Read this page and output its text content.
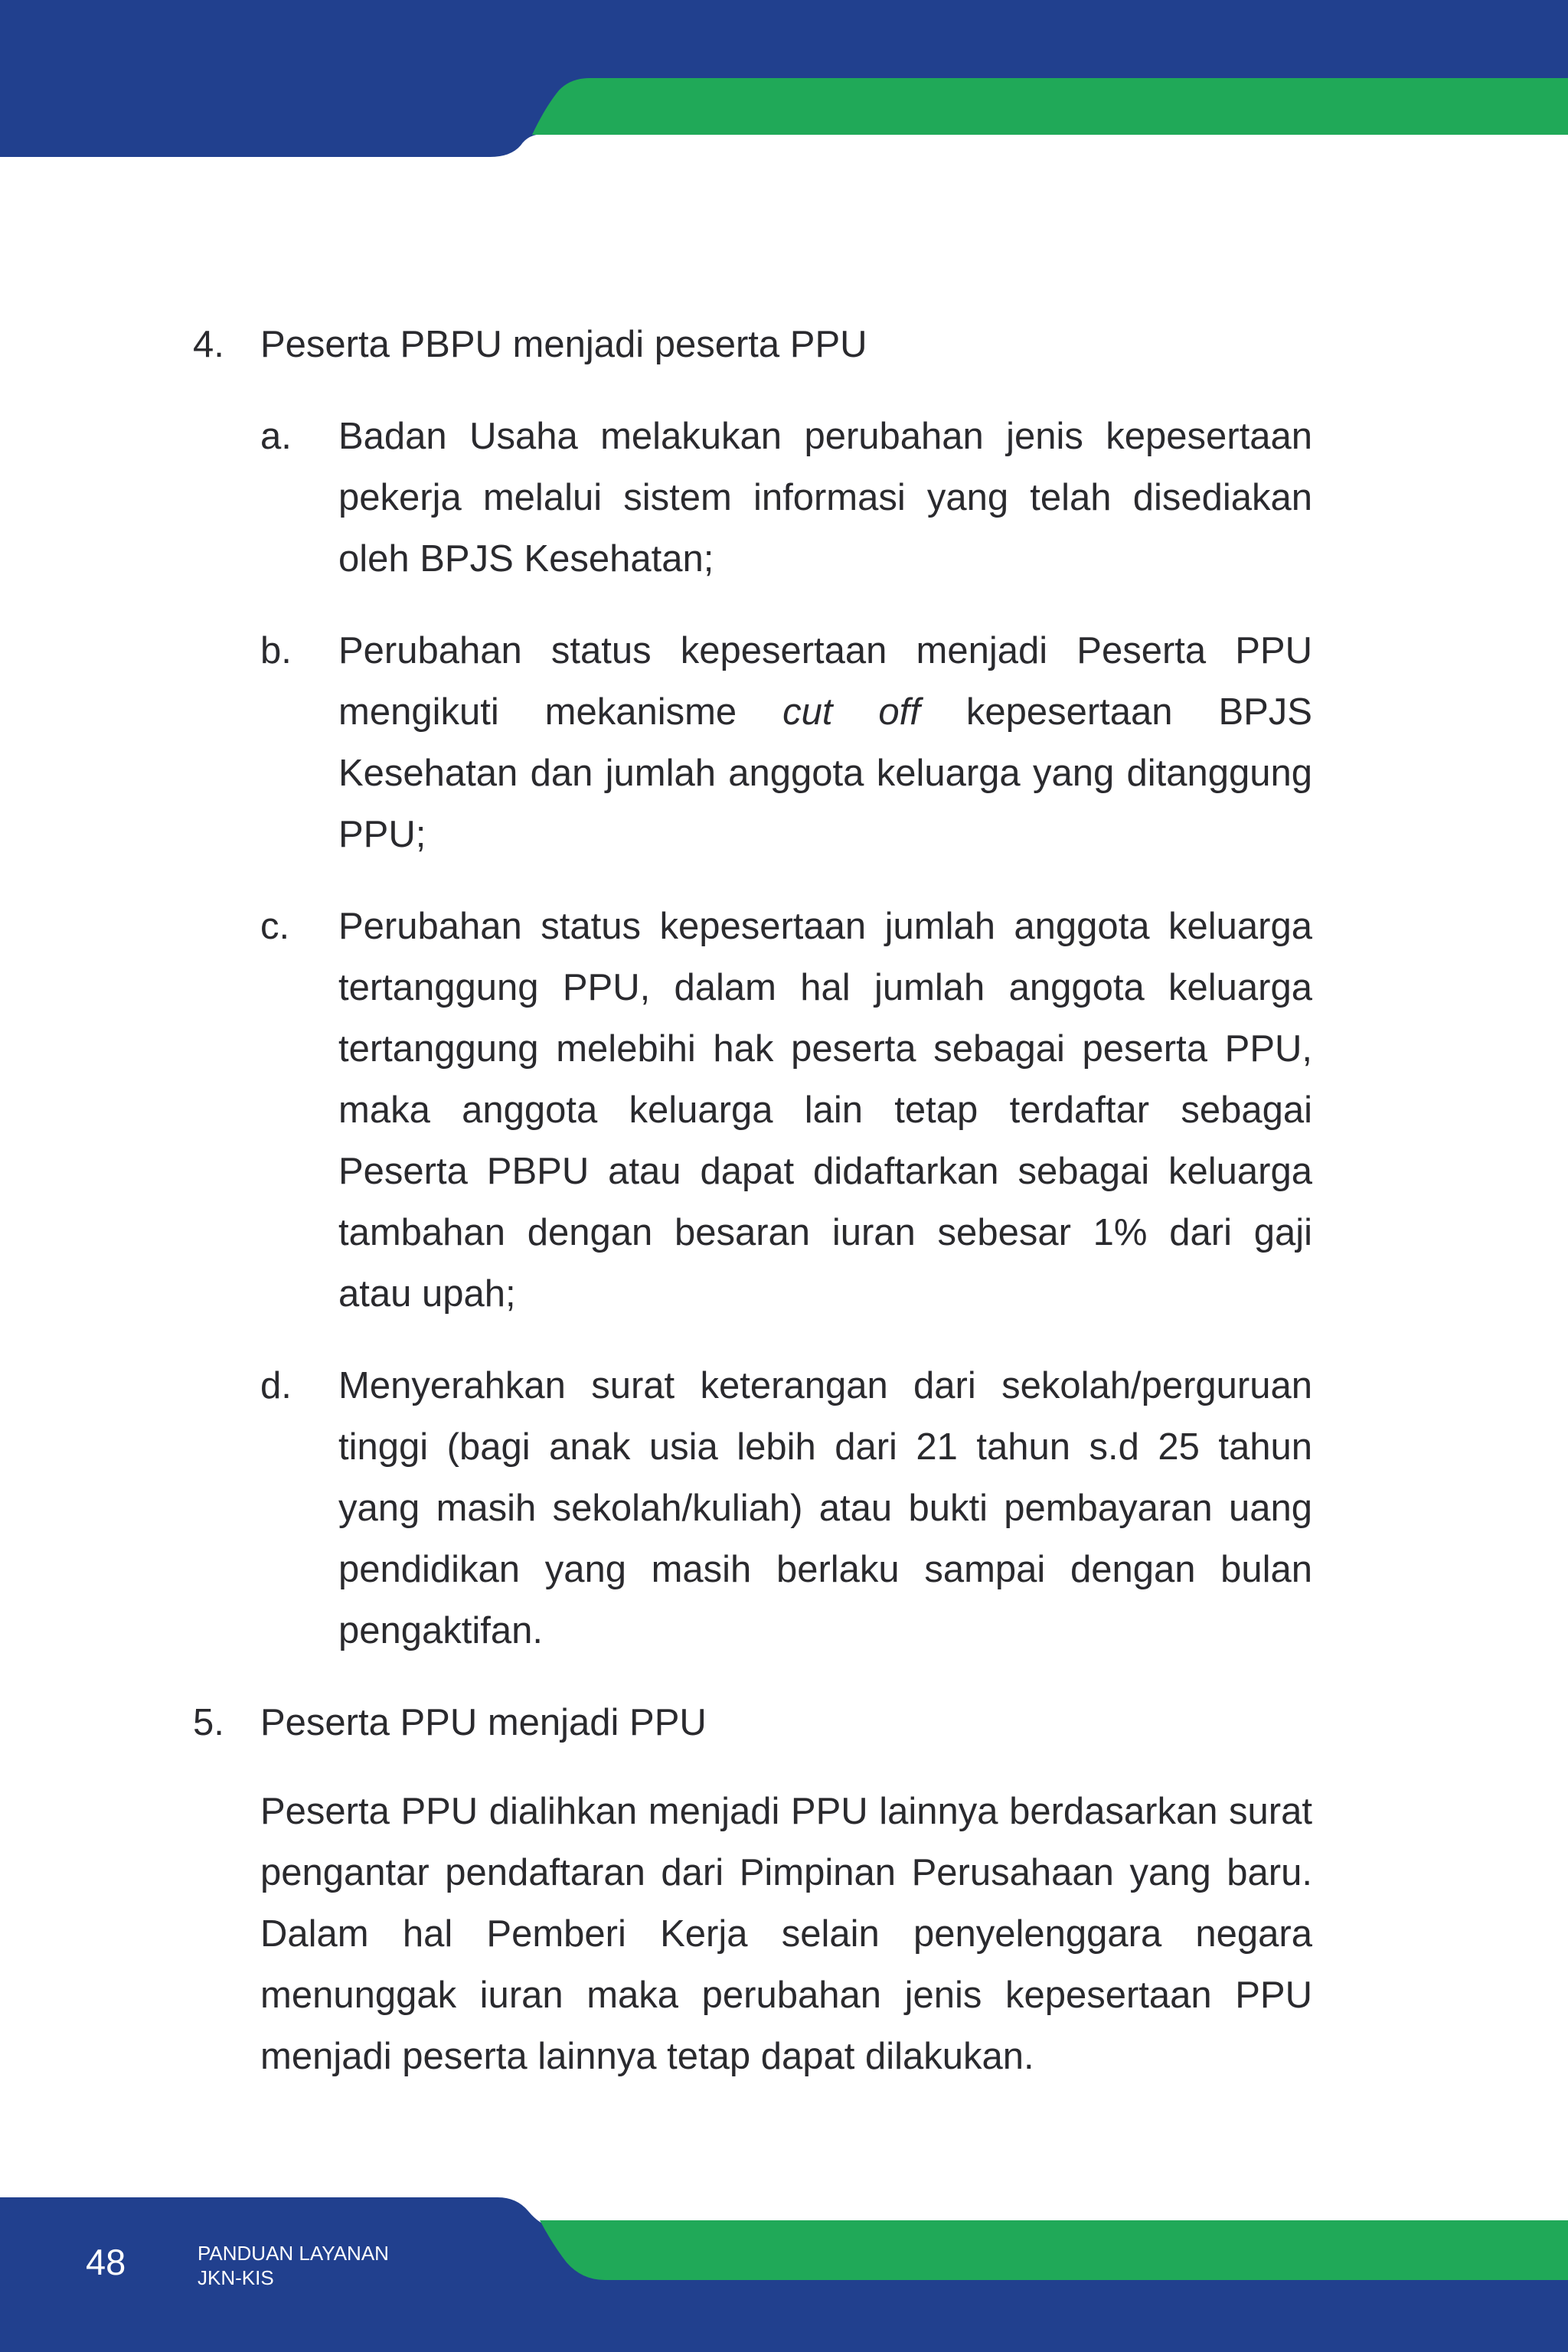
4. Peserta PBPU menjadi peserta PPU
a. Badan Usaha melakukan perubahan jenis kepesertaan pekerja melalui sistem informasi yang telah disediakan oleh BPJS Kesehatan;
b. Perubahan status kepesertaan menjadi Peserta PPU mengikuti mekanisme cut off kepesertaan BPJS Kesehatan dan jumlah anggota keluarga yang ditanggung PPU;
c. Perubahan status kepesertaan jumlah anggota keluarga tertanggung PPU, dalam hal jumlah anggota keluarga tertanggung melebihi hak peserta sebagai peserta PPU, maka anggota keluarga lain tetap terdaftar sebagai Peserta PBPU atau dapat didaftarkan sebagai keluarga tambahan dengan besaran iuran sebesar 1% dari gaji atau upah;
d. Menyerahkan surat keterangan dari sekolah/perguruan tinggi (bagi anak usia lebih dari 21 tahun s.d 25 tahun yang masih sekolah/kuliah) atau bukti pembayaran uang pendidikan yang masih berlaku sampai dengan bulan pengaktifan.
5. Peserta PPU menjadi PPU
Peserta PPU dialihkan menjadi PPU lainnya berdasarkan surat pengantar pendaftaran dari Pimpinan Perusahaan yang baru. Dalam hal Pemberi Kerja selain penyelenggara negara menunggak iuran maka perubahan jenis kepesertaan PPU menjadi peserta lainnya tetap dapat dilakukan.
48	PANDUAN LAYANAN
JKN-KIS
